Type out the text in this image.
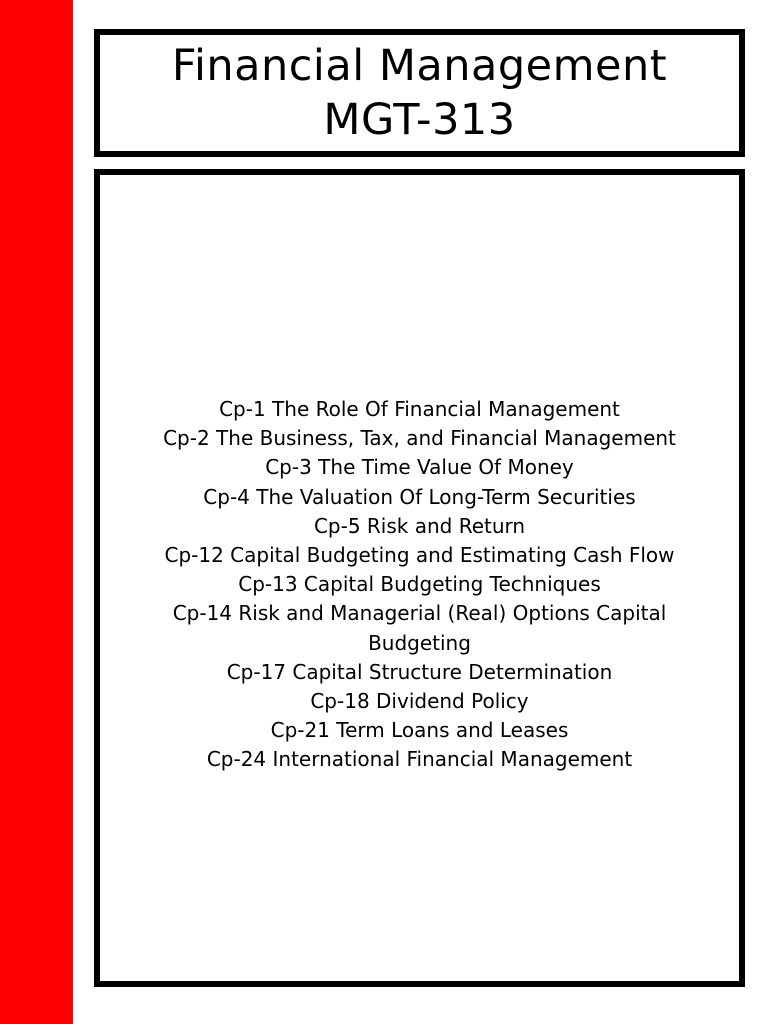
Financial Management
MGT-313
Cp-1 The Role Of Financial Management
Cp-2 The Business, Tax, and Financial Management
Cp-3 The Time Value Of Money
Cp-4 The Valuation Of Long-Term Securities
Cp-5 Risk and Return
Cp-12 Capital Budgeting and Estimating Cash Flow
Cp-13 Capital Budgeting Techniques
Cp-14 Risk and Managerial (Real) Options Capital Budgeting
Cp-17 Capital Structure Determination
Cp-18 Dividend Policy
Cp-21 Term Loans and Leases
Cp-24 International Financial Management
